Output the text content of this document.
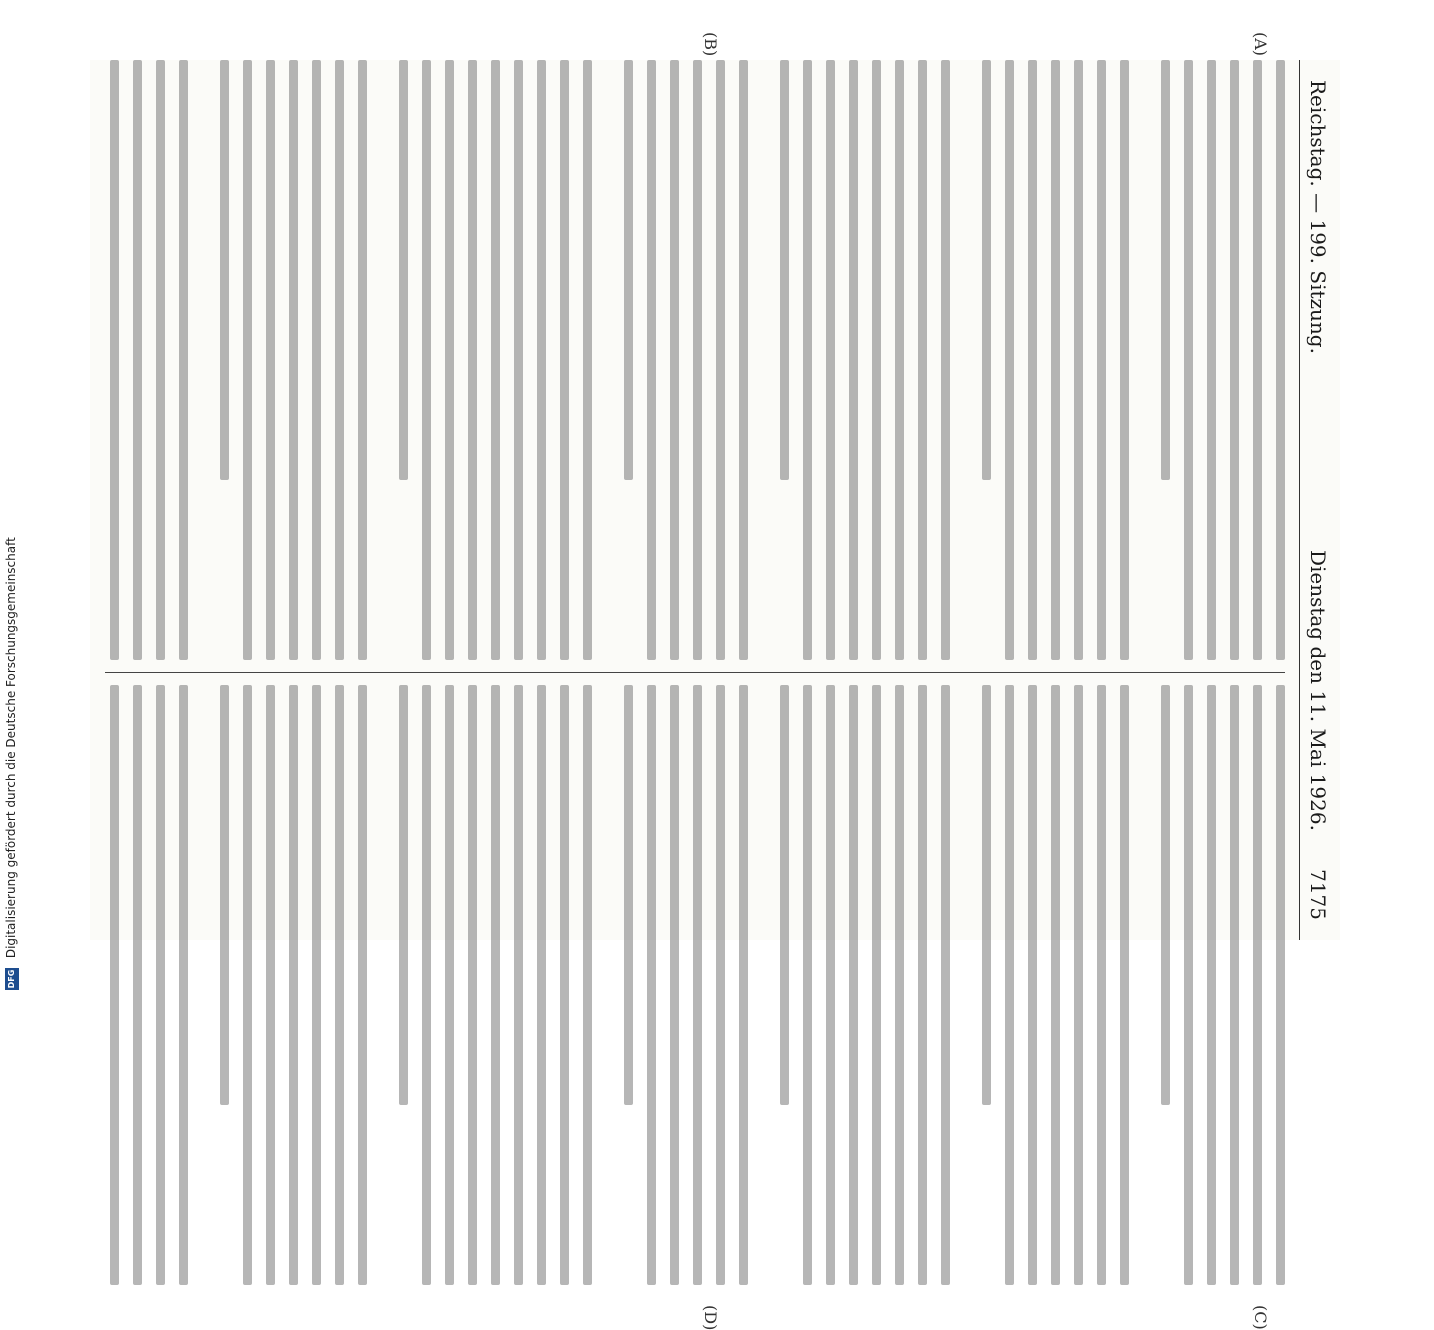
Reichstag. — 199. Sitzung.
Dienstag den 11. Mai 1926.      7175
(A)
(B)
(C)
(D)
DFG Digitalisierung gefördert durch die Deutsche Forschungsgemeinschaft
